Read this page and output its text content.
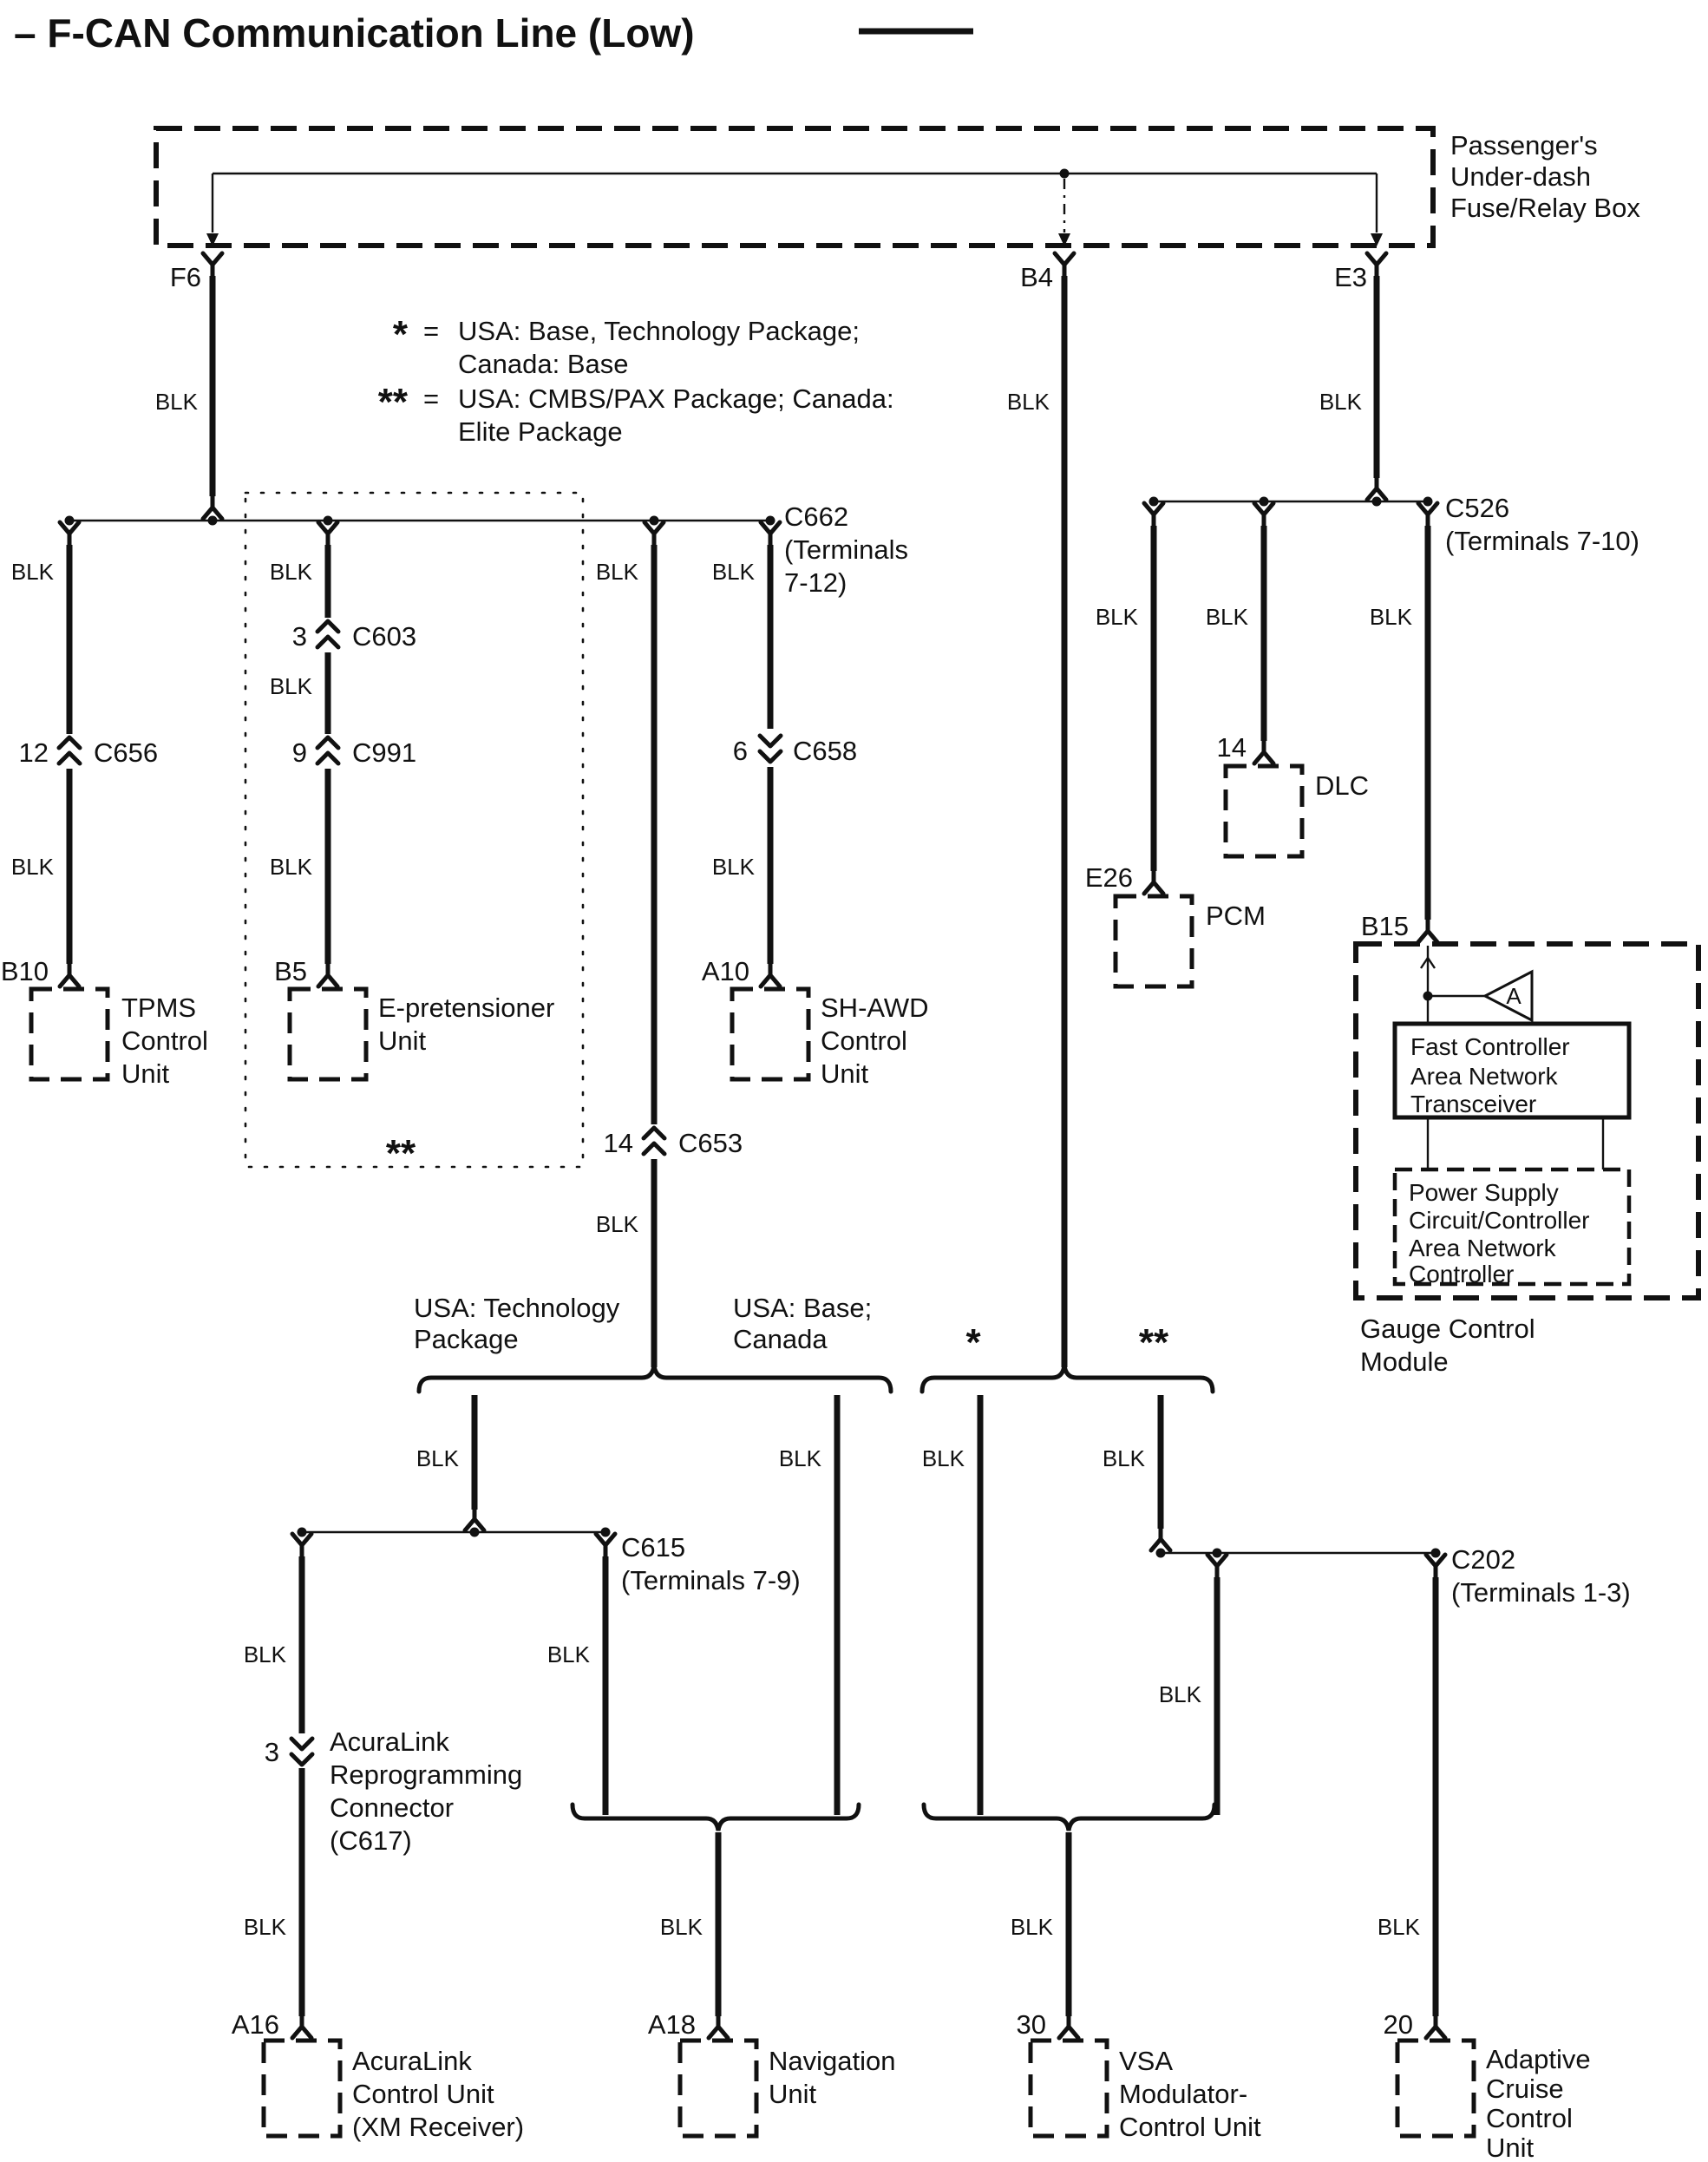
– F-CAN Communication Line (Low)
Passenger's
Under-dash
Fuse/Relay Box
F6	B4	E3
* = USA: Base, Technology Package;
Canada: Base
** = USA: CMBS/PAX Package; Canada:
Elite Package
BLK	BLK	BLK
C662
(Terminals
7-12)
**
BLK
12 C656
BLK
B10
TPMS
Control
Unit
BLK
3 C603
BLK
9 C991
BLK
B5
E-pretensioner
Unit
BLK
14 C653
BLK
BLK
6 C658
BLK
A10
SH-AWD
Control
Unit
C526
(Terminals 7-10)
BLK
E26
PCM
BLK
14
DLC
BLK
B15
A
Fast Controller
Area Network
Transceiver
Power Supply
Circuit/Controller
Area Network
Controller
Gauge Control
Module
USA: Technology
Package
USA: Base;
Canada	*	**
BLK
C615
(Terminals 7-9)
BLK
3 AcuraLink
Reprogramming
Connector
(C617)
BLK
A16
AcuraLink
Control Unit
(XM Receiver)
BLK
BLK
BLK
A18
Navigation
Unit
BLK	BLK
C202
(Terminals 1-3)
BLK
BLK
30
VSA
Modulator-
Control Unit
BLK
20
Adaptive
Cruise
Control
Unit
